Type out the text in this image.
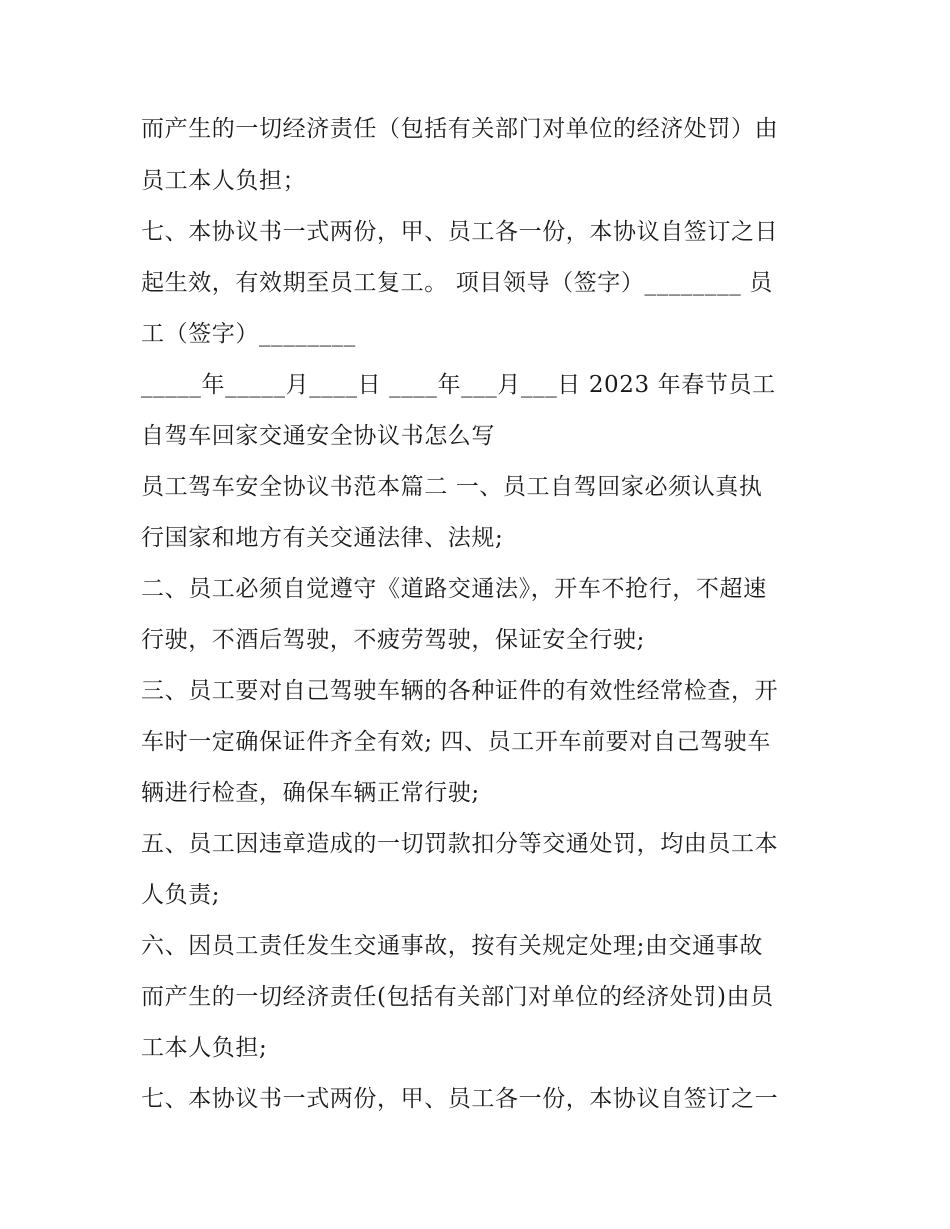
而产生的一切经济责任（包括有关部门对单位的经济处罚）由
员工本人负担；
七、本协议书一式两份，甲、员工各一份，本协议自签订之日
起生效，有效期至员工复工。 项目领导（签字）________ 员
工（签字）________
_____年_____月____日 ____年___月___日 2023 年春节员工
自驾车回家交通安全协议书怎么写
员工驾车安全协议书范本篇二 一、员工自驾回家必须认真执
行国家和地方有关交通法律、法规;
二、员工必须自觉遵守《道路交通法》，开车不抢行，不超速
行驶，不酒后驾驶，不疲劳驾驶，保证安全行驶;
三、员工要对自己驾驶车辆的各种证件的有效性经常检查，开
车时一定确保证件齐全有效; 四、员工开车前要对自己驾驶车
辆进行检查，确保车辆正常行驶;
五、员工因违章造成的一切罚款扣分等交通处罚，均由员工本
人负责;
六、因员工责任发生交通事故，按有关规定处理;由交通事故
而产生的一切经济责任(包括有关部门对单位的经济处罚)由员
工本人负担;
七、本协议书一式两份，甲、员工各一份，本协议自签订之一
